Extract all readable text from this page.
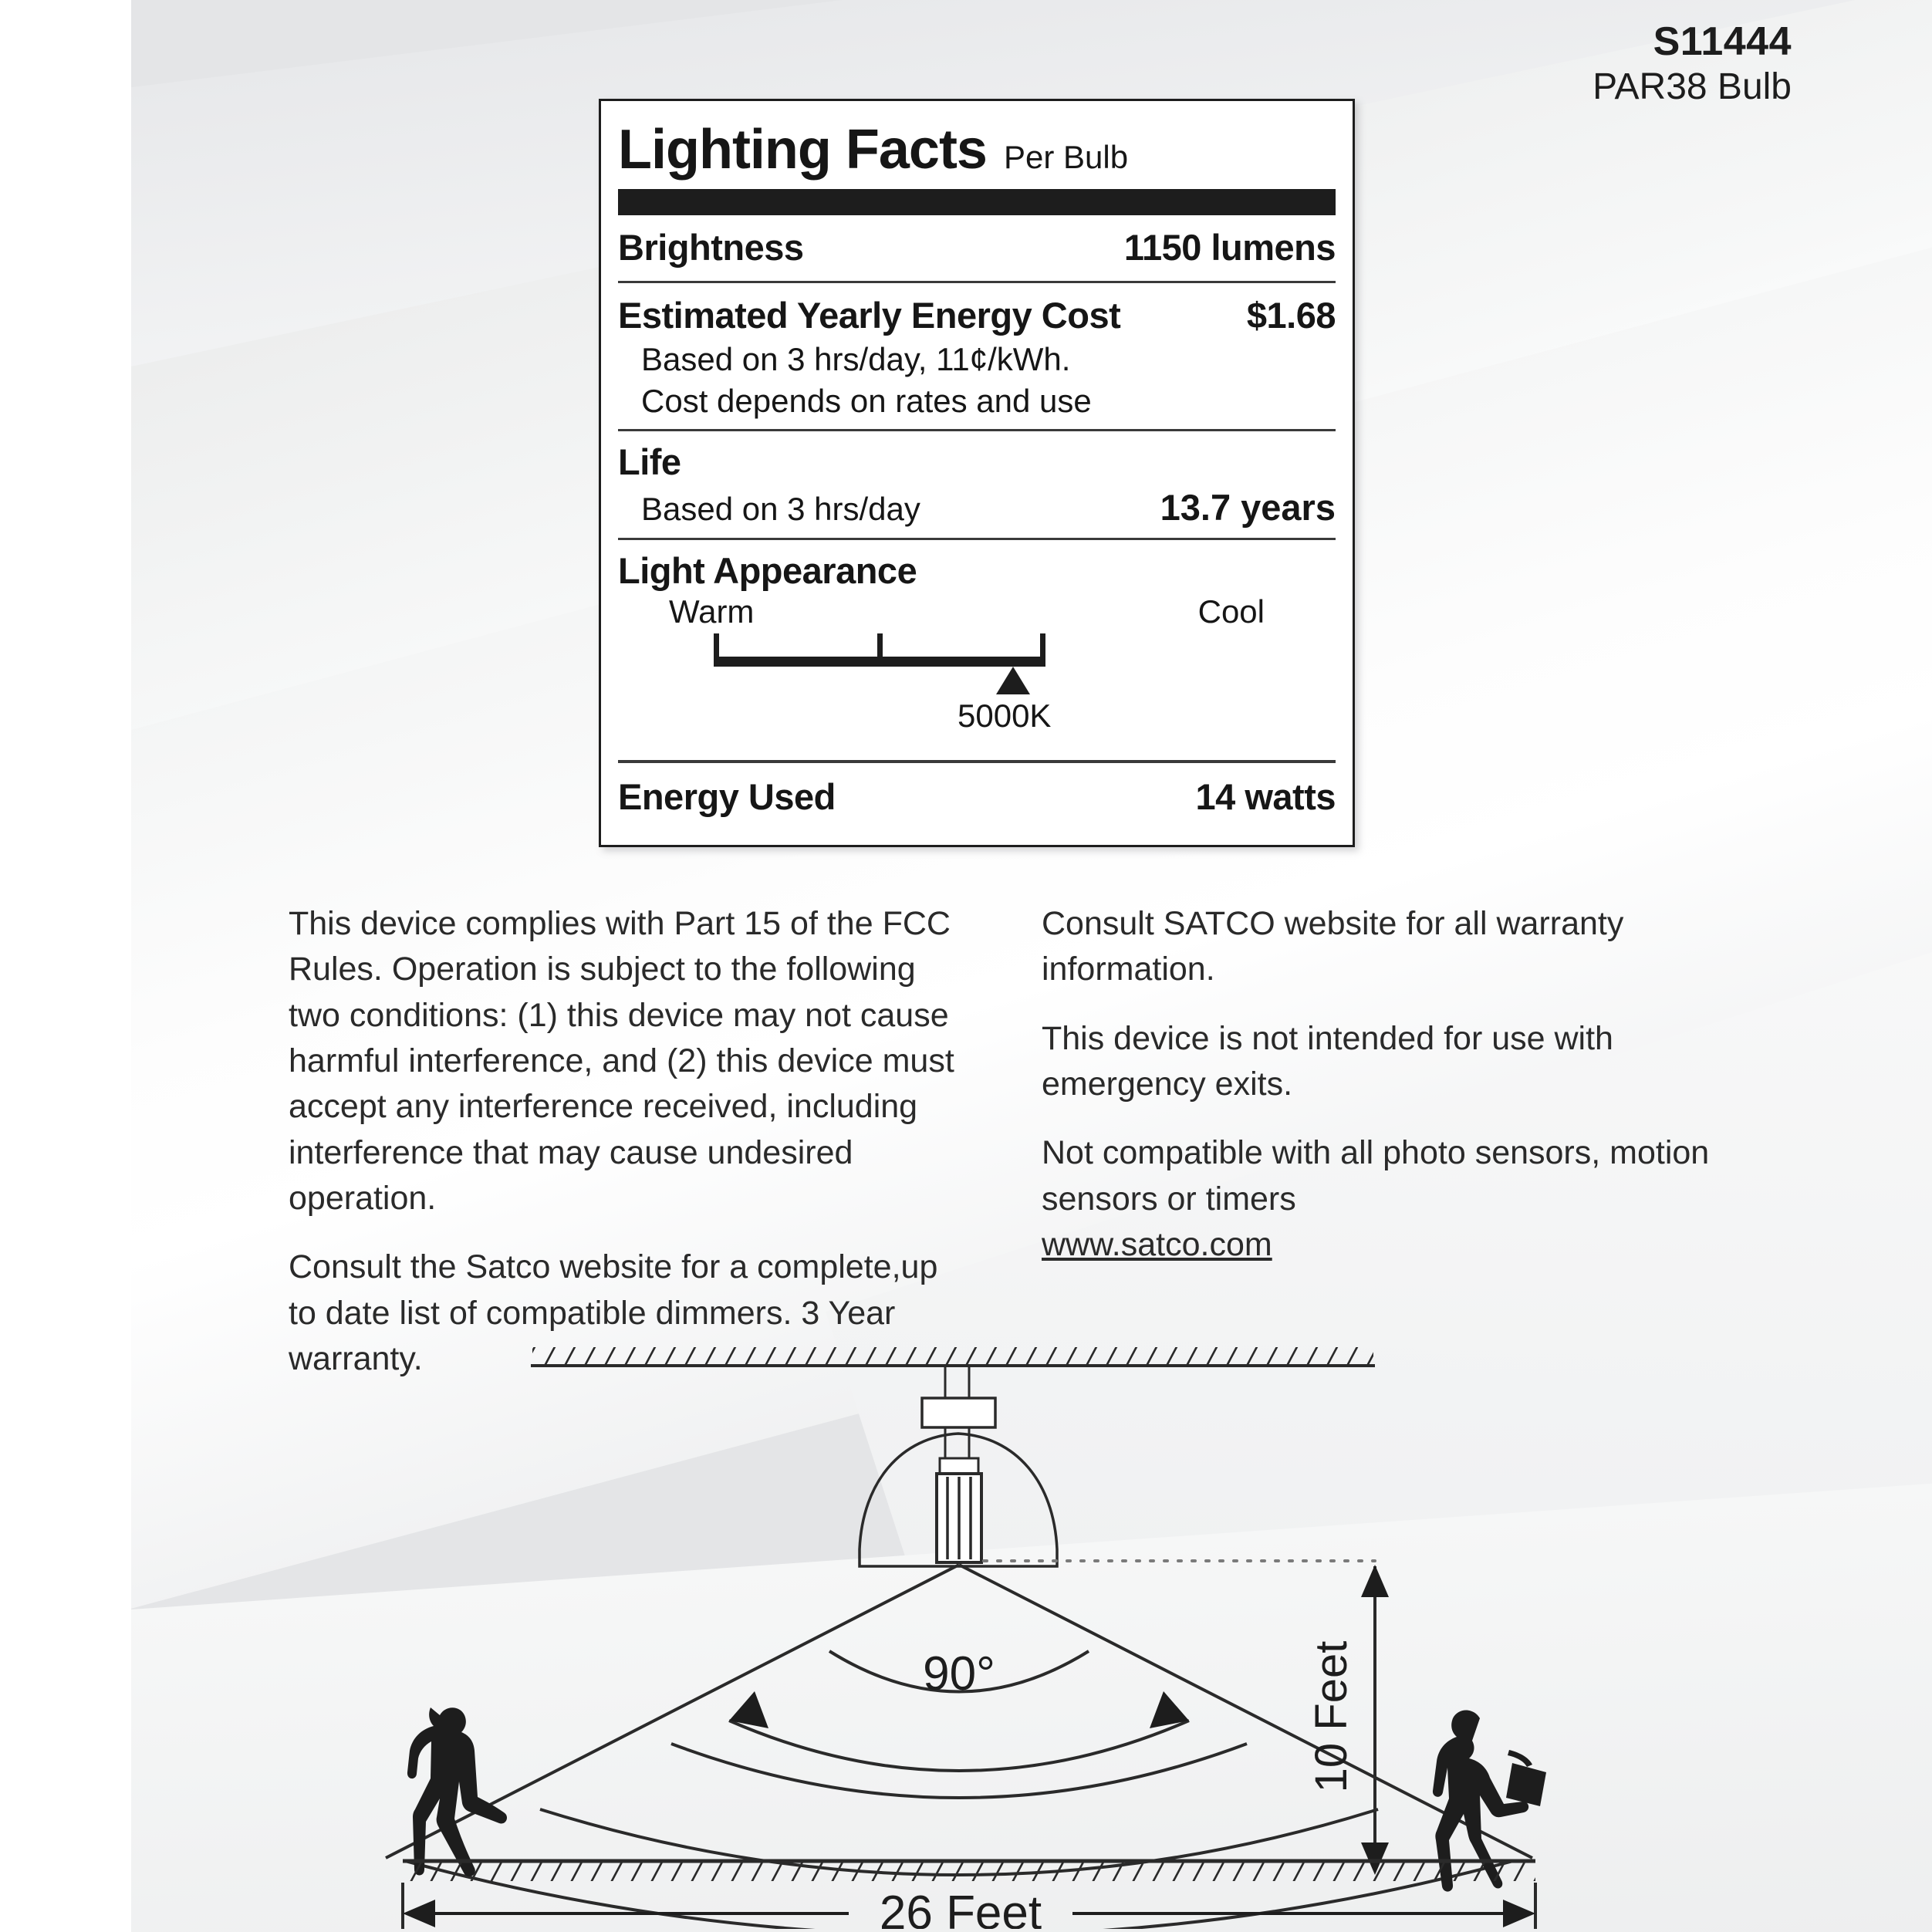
S11444
PAR38 Bulb
Lighting Facts Per Bulb
Brightness	1150 lumens
Estimated Yearly Energy Cost	$1.68
Based on 3 hrs/day, 11¢/kWh.
Cost depends on rates and use
Life
Based on 3 hrs/day	13.7 years
Light Appearance
Warm	Cool
5000K
Energy Used	14 watts

This device complies with Part 15 of the FCC Rules. Operation is subject to the following two conditions: (1) this device may not cause harmful interference, and (2) this device must accept any interference received, including interference that may cause undesired operation.

Consult the Satco website for a complete,up to date list of compatible dimmers. 3 Year warranty.

Consult SATCO website for all warranty information.

This device is not intended for use with emergency exits.

Not compatible with all photo sensors, motion sensors or timers
www.satco.com

90°	10 Feet
26 Feet
